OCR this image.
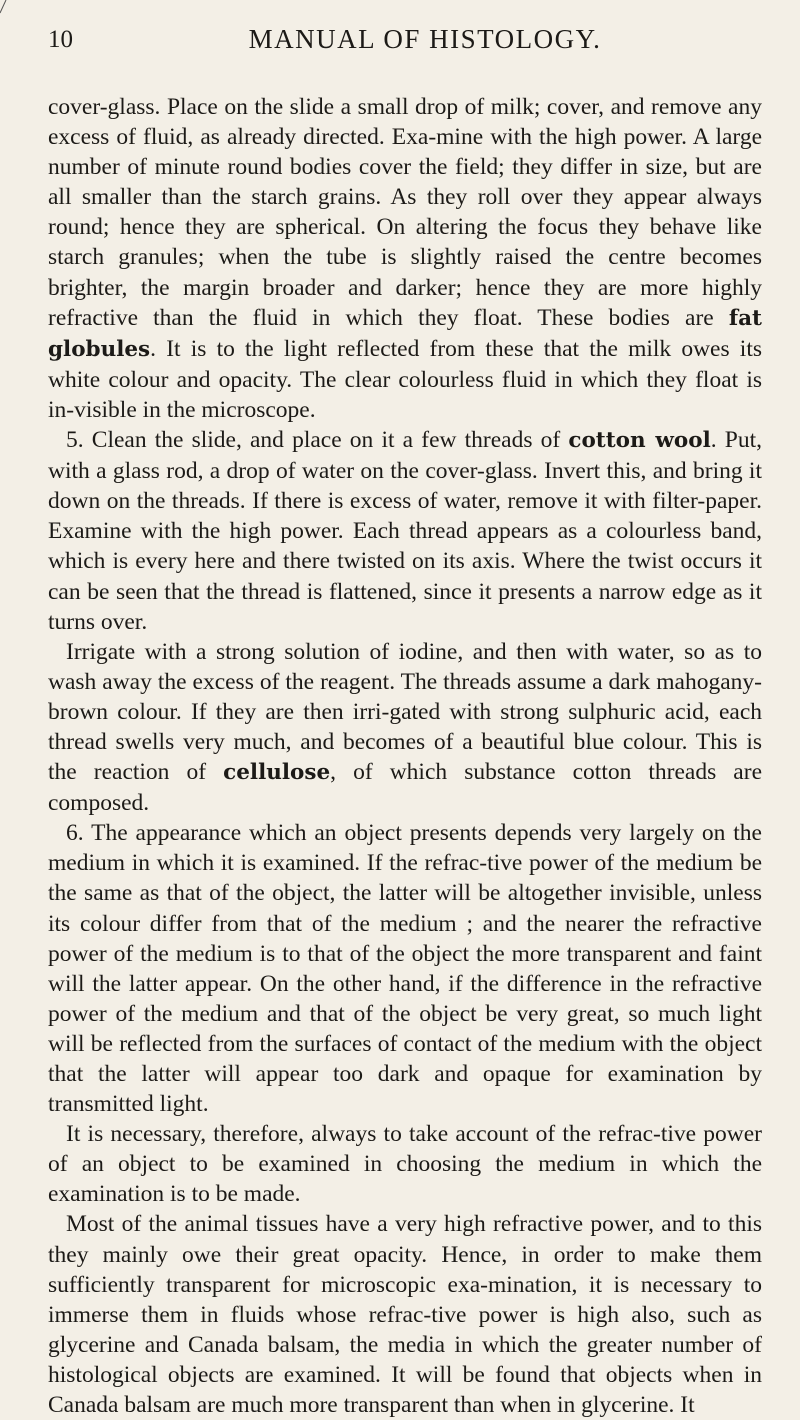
10	MANUAL OF HISTOLOGY.

cover-glass. Place on the slide a small drop of milk; cover, and remove any excess of fluid, as already directed. Exa-mine with the high power. A large number of minute round bodies cover the field; they differ in size, but are all smaller than the starch grains. As they roll over they appear always round; hence they are spherical. On altering the focus they behave like starch granules; when the tube is slightly raised the centre becomes brighter, the margin broader and darker; hence they are more highly refractive than the fluid in which they float. These bodies are fat globules. It is to the light reflected from these that the milk owes its white colour and opacity. The clear colourless fluid in which they float is in-visible in the microscope.

5. Clean the slide, and place on it a few threads of cotton wool. Put, with a glass rod, a drop of water on the cover-glass. Invert this, and bring it down on the threads. If there is excess of water, remove it with filter-paper. Examine with the high power. Each thread appears as a colourless band, which is every here and there twisted on its axis. Where the twist occurs it can be seen that the thread is flattened, since it presents a narrow edge as it turns over.

Irrigate with a strong solution of iodine, and then with water, so as to wash away the excess of the reagent. The threads assume a dark mahogany-brown colour. If they are then irri-gated with strong sulphuric acid, each thread swells very much, and becomes of a beautiful blue colour. This is the reaction of cellulose, of which substance cotton threads are composed.

6. The appearance which an object presents depends very largely on the medium in which it is examined. If the refrac-tive power of the medium be the same as that of the object, the latter will be altogether invisible, unless its colour differ from that of the medium ; and the nearer the refractive power of the medium is to that of the object the more transparent and faint will the latter appear. On the other hand, if the difference in the refractive power of the medium and that of the object be very great, so much light will be reflected from the surfaces of contact of the medium with the object that the latter will appear too dark and opaque for examination by transmitted light.

It is necessary, therefore, always to take account of the refrac-tive power of an object to be examined in choosing the medium in which the examination is to be made.

Most of the animal tissues have a very high refractive power, and to this they mainly owe their great opacity. Hence, in order to make them sufficiently transparent for microscopic exa-mination, it is necessary to immerse them in fluids whose refrac-tive power is high also, such as glycerine and Canada balsam, the media in which the greater number of histological objects are examined. It will be found that objects when in Canada balsam are much more transparent than when in glycerine. It
